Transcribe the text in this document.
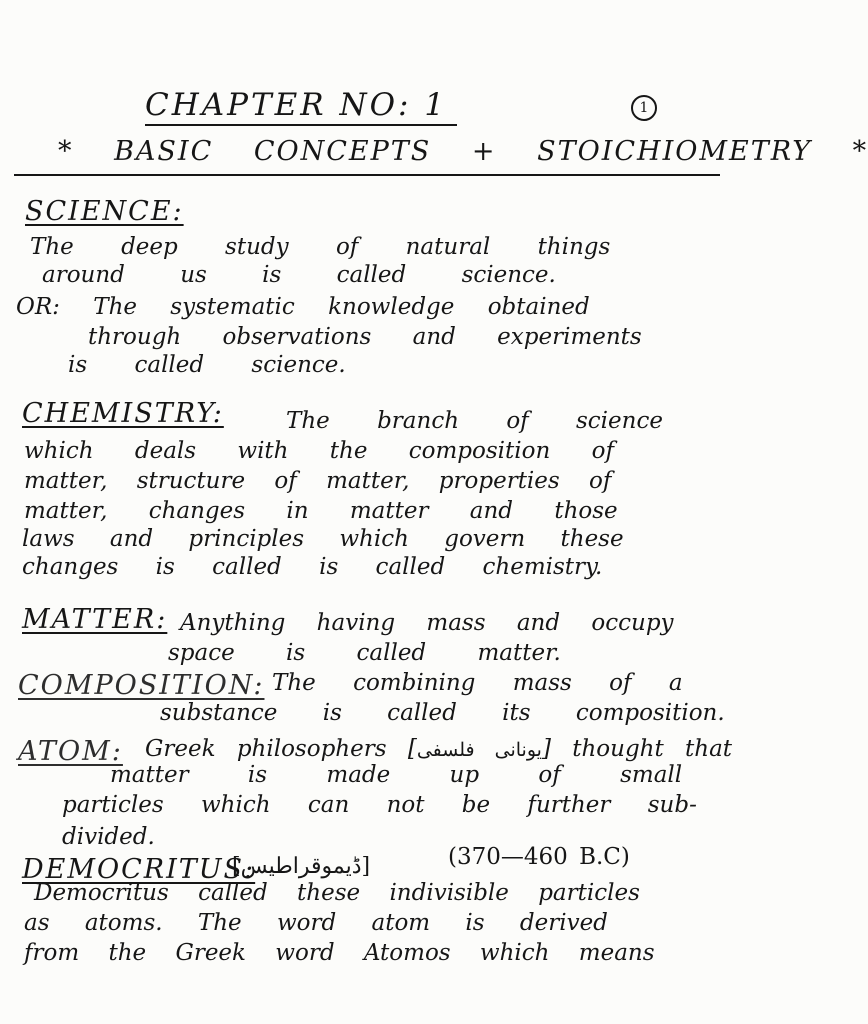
CHAPTER NO: 1	1
* BASIC CONCEPTS + STOICHIOMETRY *
SCIENCE:
The deep study of natural things
around us is called science.
OR: The systematic knowledge obtained
through observations and experiments
is called science.
CHEMISTRY:	The branch of science
which deals with the composition of
matter, structure of matter, properties of
matter, changes in matter and those
laws and principles which govern these
changes is called is called chemistry.
MATTER: Anything having mass and occupy
space is called matter.
COMPOSITION: The combining mass of a
substance is called its composition.
ATOM: Greek philosophers [یونانی فلسفی] thought that
matter is made up of small
particles which can not be further sub-
divided.
DEMOCRITUS:
[ڈیموقراطیس]	(370—460 B.C)
Democritus called these indivisible particles
as atoms. The word atom is derived
from the Greek word Atomos which means
